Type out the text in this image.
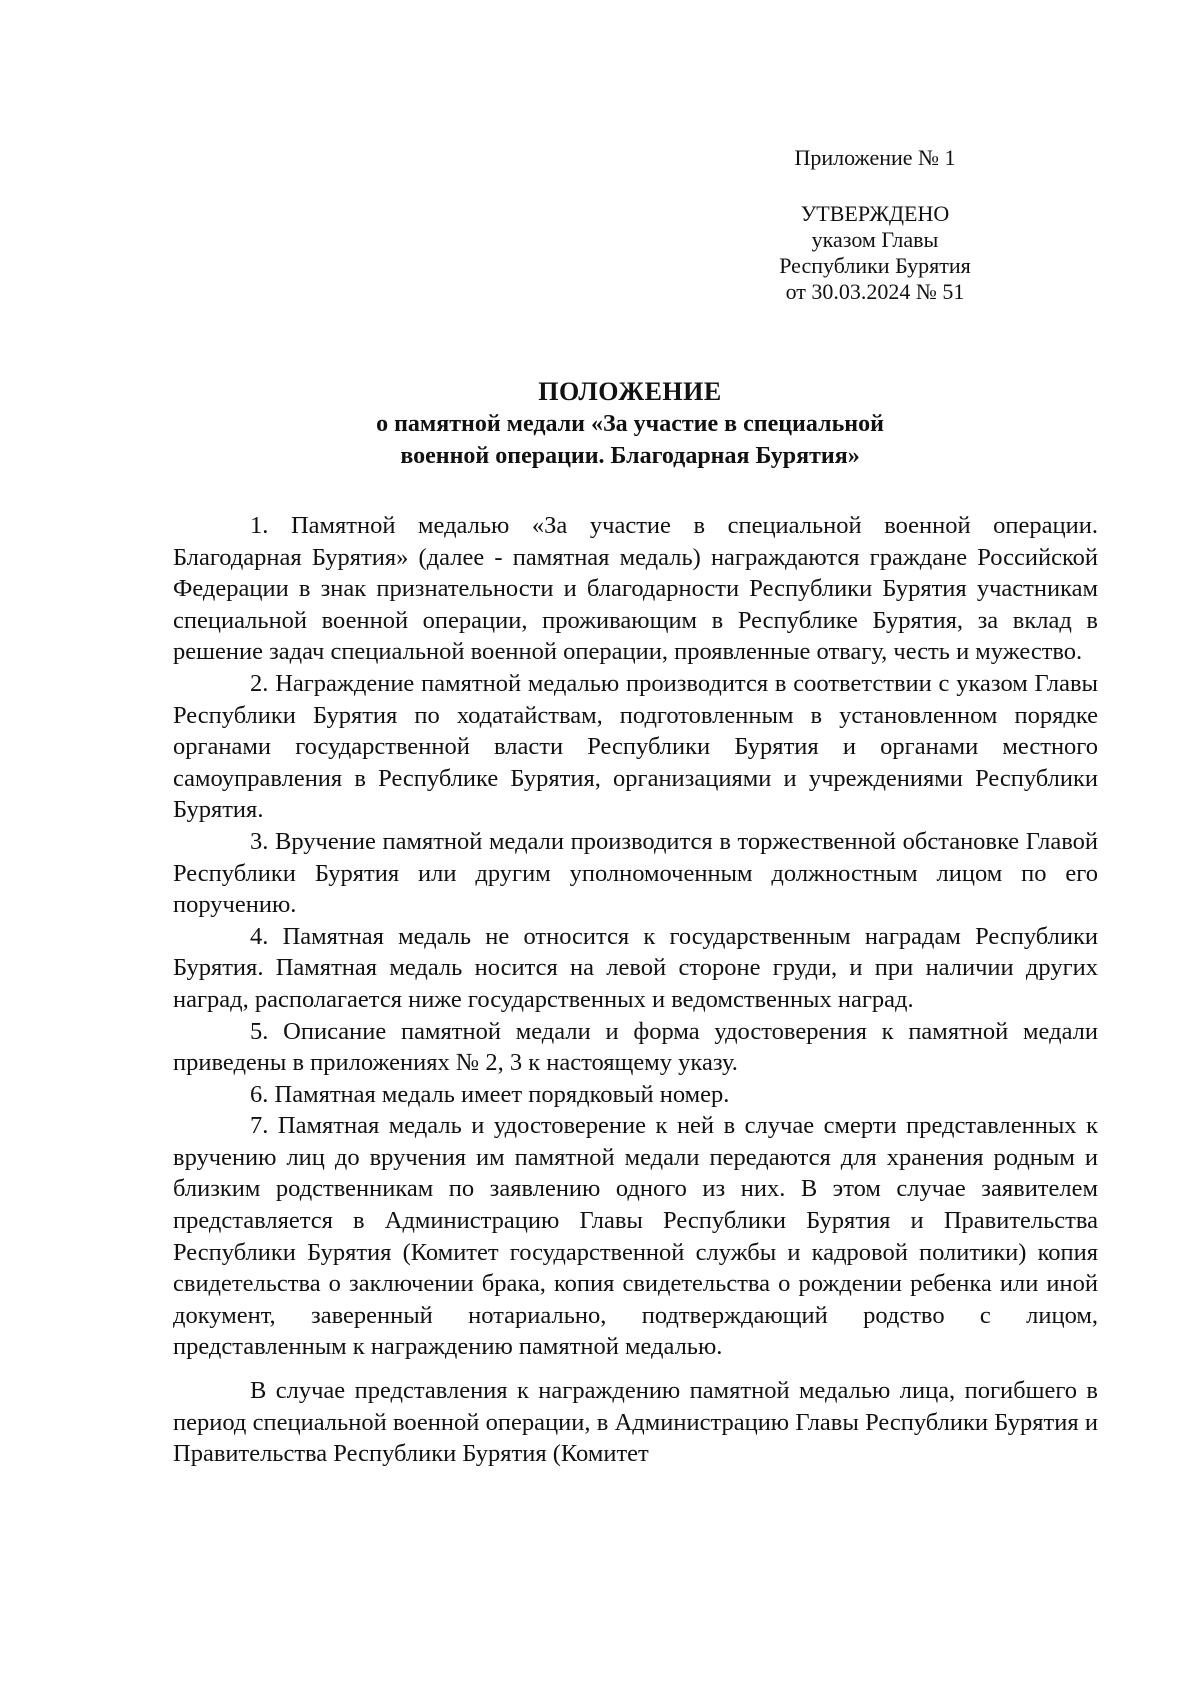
Приложение № 1
УТВЕРЖДЕНО
указом Главы
Республики Бурятия
от 30.03.2024 № 51
ПОЛОЖЕНИЕ
о памятной медали «За участие в специальной
военной операции. Благодарная Бурятия»

1. Памятной медалью «За участие в специальной военной операции. Благодарная Бурятия» (далее - памятная медаль) награждаются граждане Российской Федерации в знак признательности и благодарности Республики Бурятия участникам специальной военной операции, проживающим в Республике Бурятия, за вклад в решение задач специальной военной операции, проявленные отвагу, честь и мужество.

2. Награждение памятной медалью производится в соответствии с указом Главы Республики Бурятия по ходатайствам, подготовленным в установленном порядке органами государственной власти Республики Бурятия и органами местного самоуправления в Республике Бурятия, организациями и учреждениями Республики Бурятия.

3. Вручение памятной медали производится в торжественной обстановке Главой Республики Бурятия или другим уполномоченным должностным лицом по его поручению.

4. Памятная медаль не относится к государственным наградам Республики Бурятия. Памятная медаль носится на левой стороне груди, и при наличии других наград, располагается ниже государственных и ведомственных наград.

5. Описание памятной медали и форма удостоверения к памятной медали приведены в приложениях № 2, 3 к настоящему указу.

6. Памятная медаль имеет порядковый номер.

7. Памятная медаль и удостоверение к ней в случае смерти представленных к вручению лиц до вручения им памятной медали передаются для хранения родным и близким родственникам по заявлению одного из них. В этом случае заявителем представляется в Администрацию Главы Республики Бурятия и Правительства Республики Бурятия (Комитет государственной службы и кадровой политики) копия свидетельства о заключении брака, копия свидетельства о рождении ребенка или иной документ, заверенный нотариально, подтверждающий родство с лицом, представленным к награждению памятной медалью.

В случае представления к награждению памятной медалью лица, погибшего в период специальной военной операции, в Администрацию Главы Республики Бурятия и Правительства Республики Бурятия (Комитет
